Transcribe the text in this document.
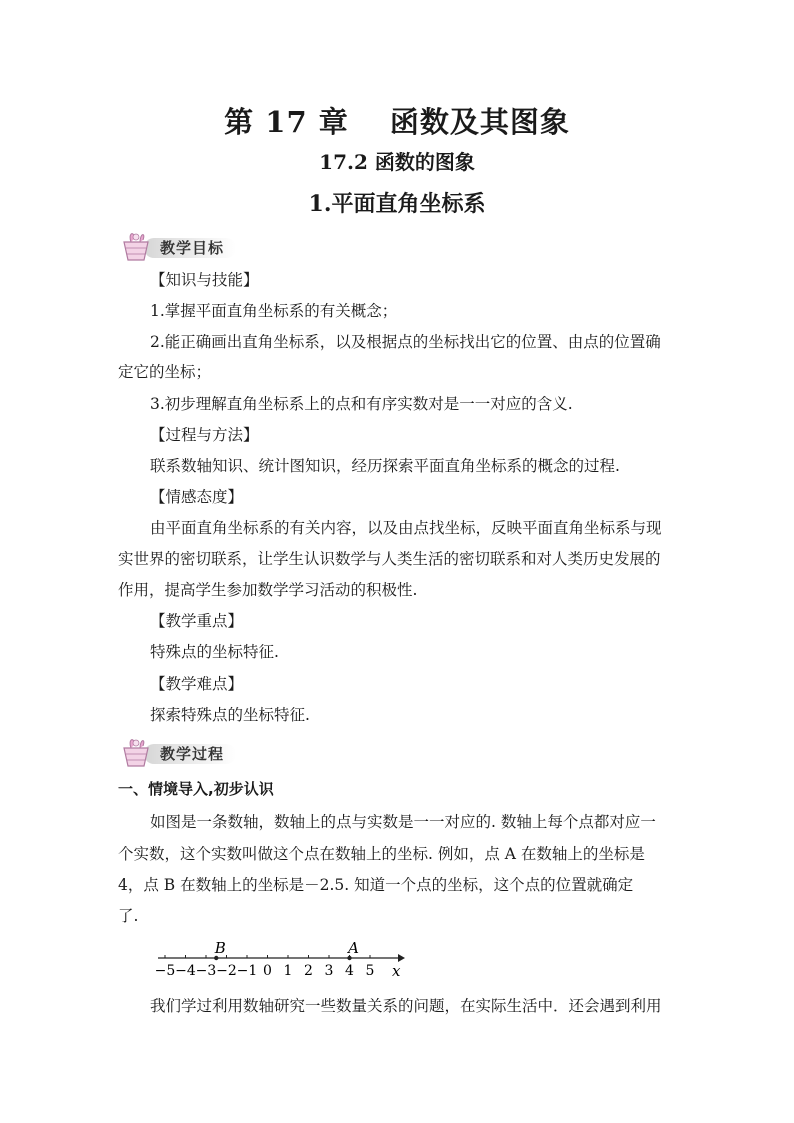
第 17 章　 函数及其图象
17.2 函数的图象
1.平面直角坐标系
教学目标
【知识与技能】
1.掌握平面直角坐标系的有关概念；
2.能正确画出直角坐标系，以及根据点的坐标找出它的位置、由点的位置确
定它的坐标；
3.初步理解直角坐标系上的点和有序实数对是一一对应的含义.
【过程与方法】
联系数轴知识、统计图知识，经历探索平面直角坐标系的概念的过程.
【情感态度】
由平面直角坐标系的有关内容，以及由点找坐标，反映平面直角坐标系与现
实世界的密切联系，让学生认识数学与人类生活的密切联系和对人类历史发展的
作用，提高学生参加数学学习活动的积极性.
【教学重点】
特殊点的坐标特征.
【教学难点】
探索特殊点的坐标特征.
教学过程
一、情境导入,初步认识
如图是一条数轴，数轴上的点与实数是一一对应的. 数轴上每个点都对应一
个实数，这个实数叫做这个点在数轴上的坐标. 例如，点 A 在数轴上的坐标是
4，点 B 在数轴上的坐标是－2.5. 知道一个点的坐标，这个点的位置就确定
了.
x
−5 −4 −3 −2 −1 0 1 2 3 4 5
B	A
我们学过利用数轴研究一些数量关系的问题，在实际生活中．还会遇到利用
